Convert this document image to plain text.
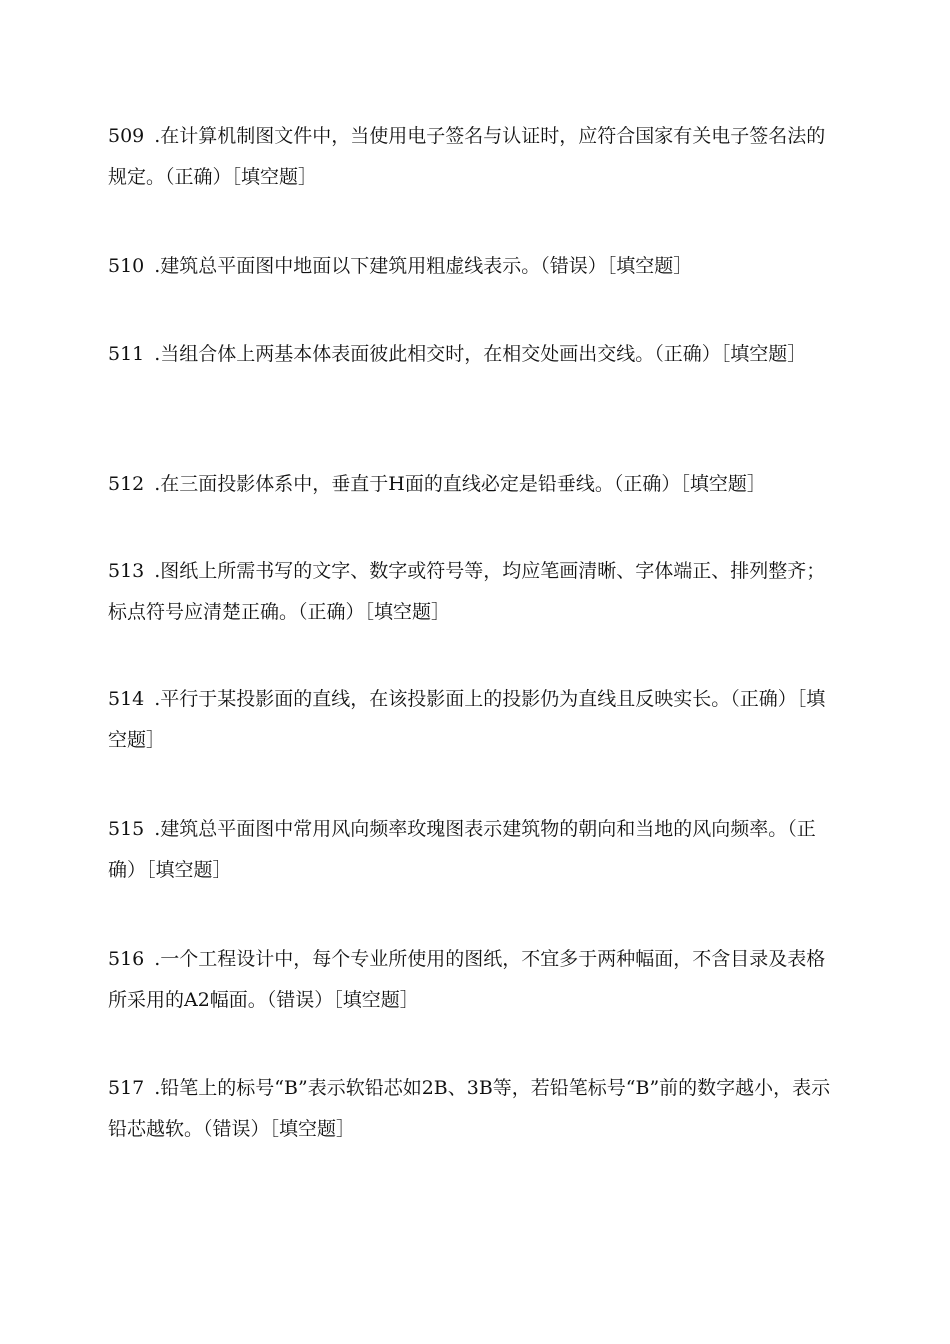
509 .在计算机制图文件中，当使用电子签名与认证时，应符合国家有关电子签名法的规定。（正确）［填空题］

510 .建筑总平面图中地面以下建筑用粗虚线表示。（错误）［填空题］

511 .当组合体上两基本体表面彼此相交时，在相交处画出交线。（正确）［填空题］

512 .在三面投影体系中，垂直于H面的直线必定是铅垂线。（正确）［填空题］

513 .图纸上所需书写的文字、数字或符号等，均应笔画清晰、字体端正、排列整齐；标点符号应清楚正确。（正确）［填空题］

514 .平行于某投影面的直线，在该投影面上的投影仍为直线且反映实长。（正确）［填空题］

515 .建筑总平面图中常用风向频率玫瑰图表示建筑物的朝向和当地的风向频率。（正确）［填空题］

516 .一个工程设计中，每个专业所使用的图纸，不宜多于两种幅面，不含目录及表格所采用的A2幅面。（错误）［填空题］

517 .铅笔上的标号“B”表示软铅芯如2B、3B等，若铅笔标号“B”前的数字越小，表示铅芯越软。（错误）［填空题］
